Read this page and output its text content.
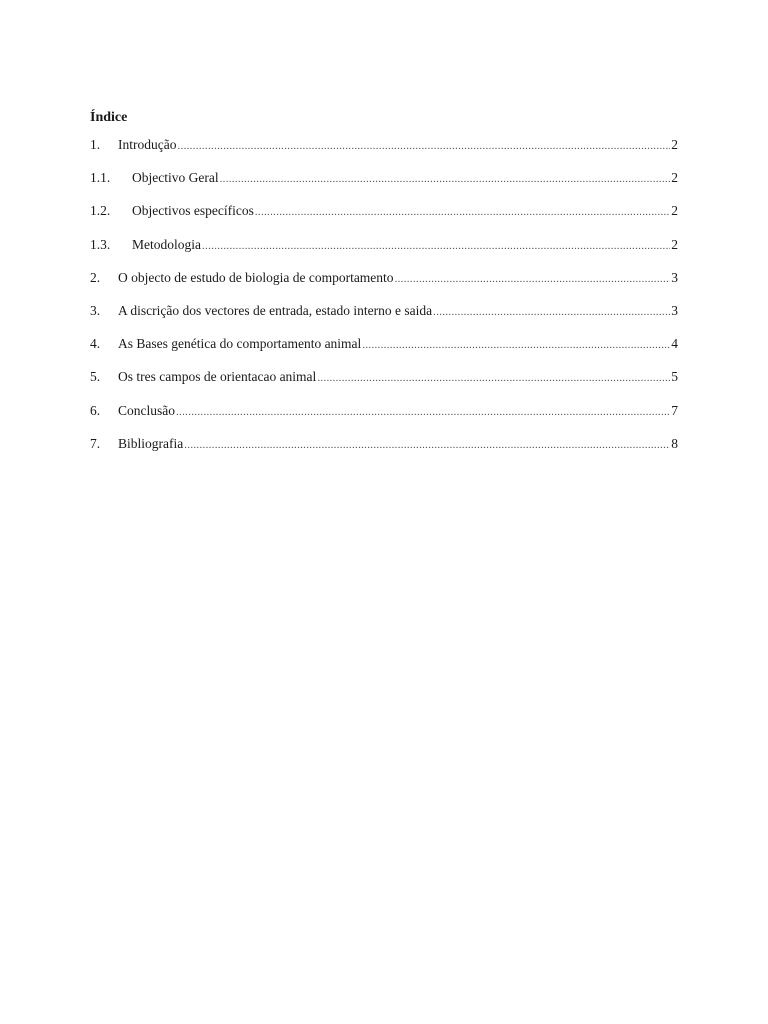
Índice
1.	Introdução .....	2
1.1.	Objectivo Geral .....	2
1.2.	Objectivos específicos .....	2
1.3.	Metodologia .....	2
2.	O objecto de estudo de biologia de comportamento .....	3
3.	A discrição dos vectores de entrada, estado interno e saida .....	3
4.	As Bases genética do comportamento animal .....	4
5.	Os tres campos de orientacao animal .....	5
6.	Conclusão .....	7
7.	Bibliografia .....	8
